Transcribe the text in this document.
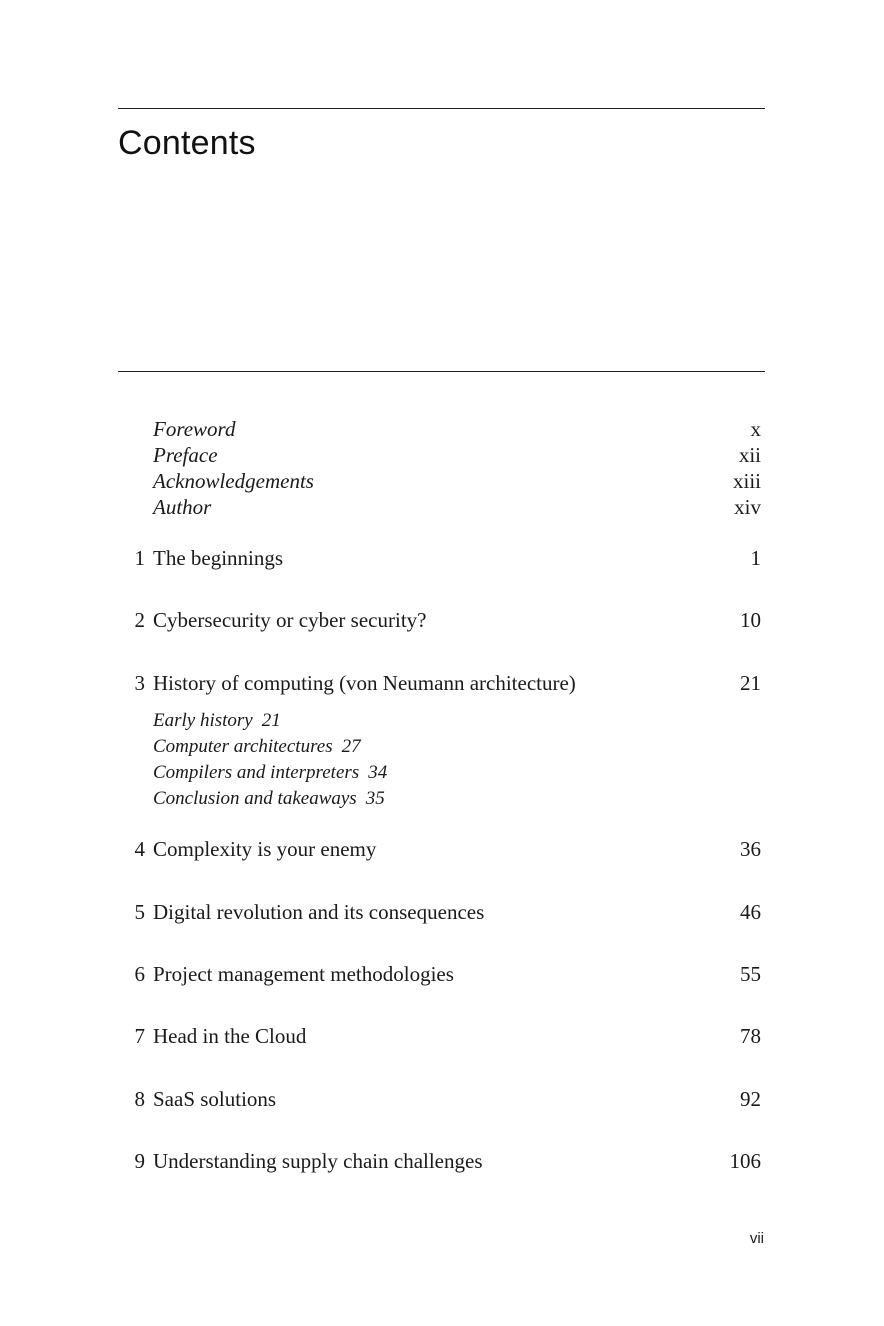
Contents
Foreword	x
Preface	xii
Acknowledgements	xiii
Author	xiv
1 The beginnings	1
2 Cybersecurity or cyber security?	10
3 History of computing (von Neumann architecture)	21
Early history 21
Computer architectures 27
Compilers and interpreters 34
Conclusion and takeaways 35
4 Complexity is your enemy	36
5 Digital revolution and its consequences	46
6 Project management methodologies	55
7 Head in the Cloud	78
8 SaaS solutions	92
9 Understanding supply chain challenges	106
vii
